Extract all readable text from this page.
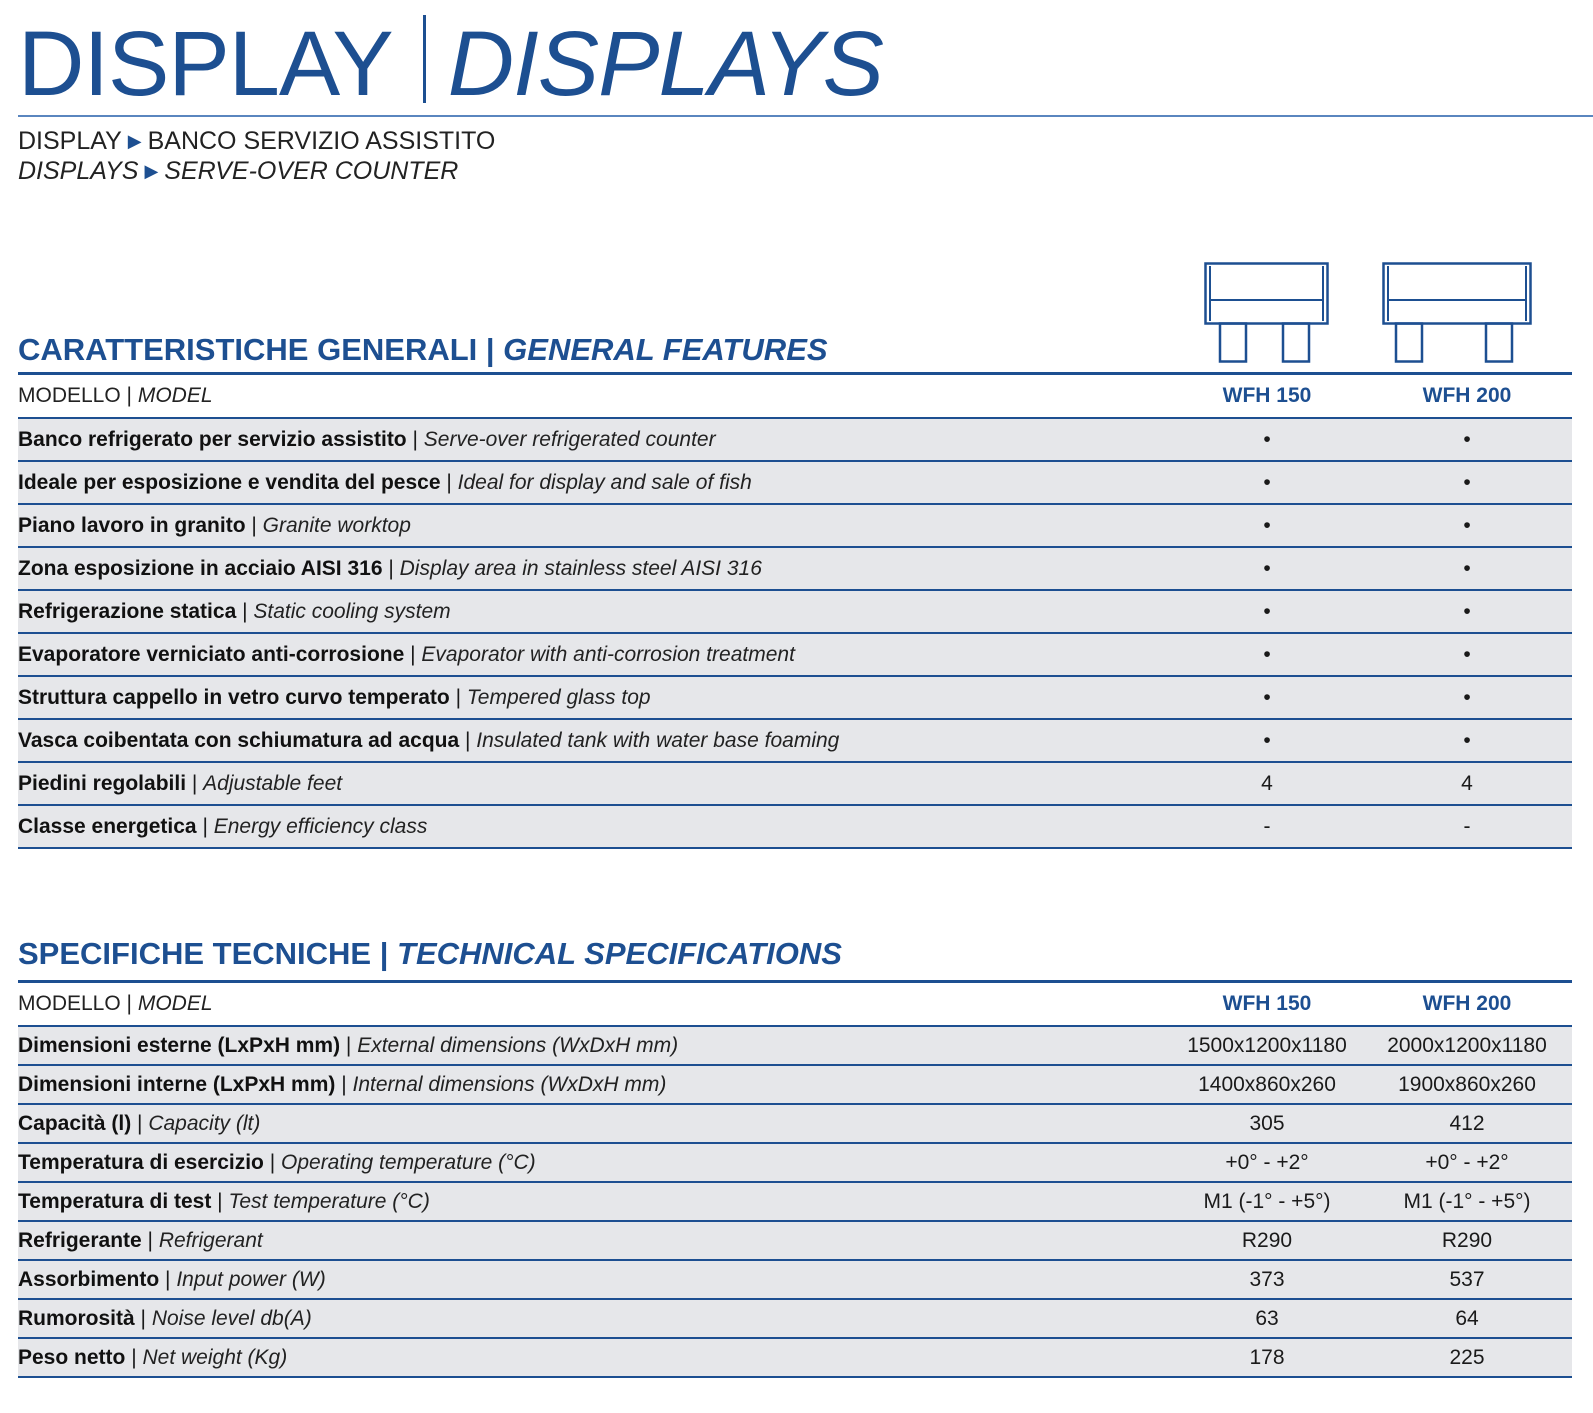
DISPLAY DISPLAYS
DISPLAY ▶ BANCO SERVIZIO ASSISTITO
DISPLAYS ▶ SERVE-OVER COUNTER
CARATTERISTICHE GENERALI | GENERAL FEATURES
MODELLO | MODEL	WFH 150	WFH 200
Banco refrigerato per servizio assistito | Serve-over refrigerated counter	•	•
Ideale per esposizione e vendita del pesce | Ideal for display and sale of fish	•	•
Piano lavoro in granito | Granite worktop	•	•
Zona esposizione in acciaio AISI 316 | Display area in stainless steel AISI 316	•	•
Refrigerazione statica | Static cooling system	•	•
Evaporatore verniciato anti-corrosione | Evaporator with anti-corrosion treatment	•	•
Struttura cappello in vetro curvo temperato | Tempered glass top	•	•
Vasca coibentata con schiumatura ad acqua | Insulated tank with water base foaming	•	•
Piedini regolabili | Adjustable feet	4	4
Classe energetica | Energy efficiency class	-	-
SPECIFICHE TECNICHE | TECHNICAL SPECIFICATIONS
MODELLO | MODEL	WFH 150	WFH 200
Dimensioni esterne (LxPxH mm) | External dimensions (WxDxH mm)	1500x1200x1180	2000x1200x1180
Dimensioni interne (LxPxH mm) | Internal dimensions (WxDxH mm)	1400x860x260	1900x860x260
Capacità (l) | Capacity (lt)	305	412
Temperatura di esercizio | Operating temperature (°C)	+0° - +2°	+0° - +2°
Temperatura di test | Test temperature (°C)	M1 (-1° - +5°)	M1 (-1° - +5°)
Refrigerante | Refrigerant	R290	R290
Assorbimento | Input power (W)	373	537
Rumorosità | Noise level db(A)	63	64
Peso netto | Net weight (Kg)	178	225
